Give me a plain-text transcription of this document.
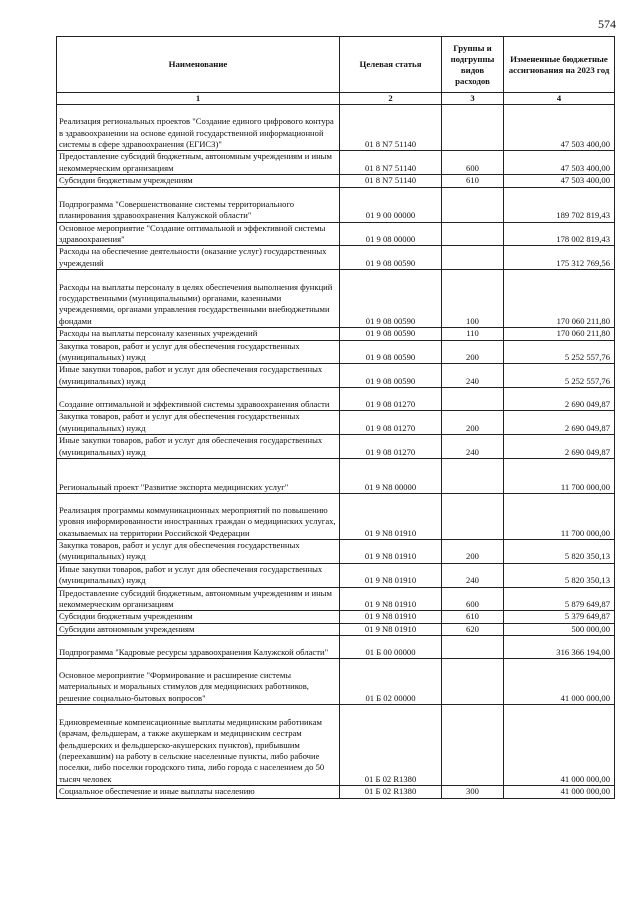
574
Наименование	Целевая статья	Группы и подгруппы видов расходов	Измененные бюджетные ассигнования на 2023 год
1	2	3	4
Реализация региональных проектов "Создание единого цифрового контура в здравоохранении на основе единой государственной информационной системы в сфере здравоохранения (ЕГИСЗ)"	01 8 N7 51140		47 503 400,00
Предоставление субсидий бюджетным, автономным учреждениям и иным некоммерческим организациям	01 8 N7 51140	600	47 503 400,00
Субсидии бюджетным учреждениям	01 8 N7 51140	610	47 503 400,00
Подпрограмма "Совершенствование системы территориального планирования здравоохранения Калужской области"	01 9 00 00000		189 702 819,43
Основное мероприятие "Создание оптимальной и эффективной системы здравоохранения"	01 9 08 00000		178 002 819,43
Расходы на обеспечение деятельности (оказание услуг) государственных учреждений	01 9 08 00590		175 312 769,56
Расходы на выплаты персоналу в целях обеспечения выполнения функций государственными (муниципальными) органами, казенными учреждениями, органами управления государственными внебюджетными фондами	01 9 08 00590	100	170 060 211,80
Расходы на выплаты персоналу казенных учреждений	01 9 08 00590	110	170 060 211,80
Закупка товаров, работ и услуг для обеспечения государственных (муниципальных) нужд	01 9 08 00590	200	5 252 557,76
Иные закупки товаров, работ и услуг для обеспечения государственных (муниципальных) нужд	01 9 08 00590	240	5 252 557,76
Создание оптимальной и эффективной системы здравоохранения области	01 9 08 01270		2 690 049,87
Закупка товаров, работ и услуг для обеспечения государственных (муниципальных) нужд	01 9 08 01270	200	2 690 049,87
Иные закупки товаров, работ и услуг для обеспечения государственных (муниципальных) нужд	01 9 08 01270	240	2 690 049,87
Региональный проект "Развитие экспорта медицинских услуг"	01 9 N8 00000		11 700 000,00
Реализация программы коммуникационных мероприятий по повышению уровня информированности иностранных граждан о медицинских услугах, оказываемых на территории Российской Федерации	01 9 N8 01910		11 700 000,00
Закупка товаров, работ и услуг для обеспечения государственных (муниципальных) нужд	01 9 N8 01910	200	5 820 350,13
Иные закупки товаров, работ и услуг для обеспечения государственных (муниципальных) нужд	01 9 N8 01910	240	5 820 350,13
Предоставление субсидий бюджетным, автономным учреждениям и иным некоммерческим организациям	01 9 N8 01910	600	5 879 649,87
Субсидии бюджетным учреждениям	01 9 N8 01910	610	5 379 649,87
Субсидии автономным учреждениям	01 9 N8 01910	620	500 000,00
Подпрограмма "Кадровые ресурсы здравоохранения Калужской области"	01 Б 00 00000		316 366 194,00
Основное мероприятие "Формирование и расширение системы материальных и моральных стимулов для медицинских работников, решение социально-бытовых вопросов"	01 Б 02 00000		41 000 000,00
Единовременные компенсационные выплаты медицинским работникам (врачам, фельдшерам, а также акушеркам и медицинским сестрам фельдшерских и фельдшерско-акушерских пунктов), прибывшим (переехавшим) на работу в сельские населенные пункты, либо рабочие поселки, либо поселки городского типа, либо города с населением до 50 тысяч человек	01 Б 02 R1380		41 000 000,00
Социальное обеспечение и иные выплаты населению	01 Б 02 R1380	300	41 000 000,00
